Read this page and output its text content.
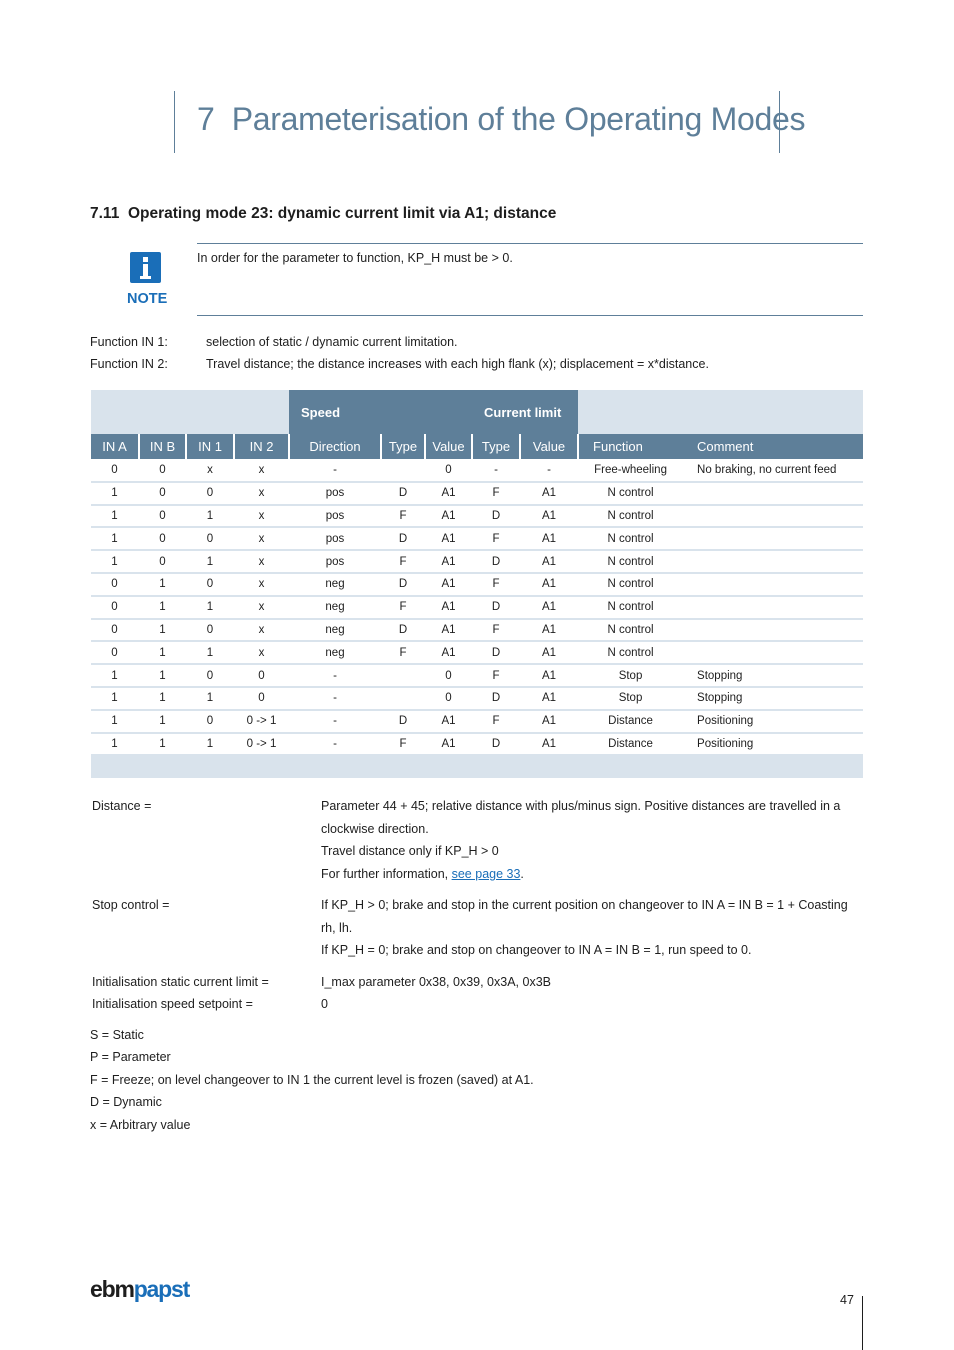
7 Parameterisation of the Operating Modes
7.11 Operating mode 23: dynamic current limit via A1; distance
NOTE
In order for the parameter to function, KP_H must be > 0.
Function IN 1:	selection of static / dynamic current limitation.
Function IN 2:	Travel distance; the distance increases with each high flank (x); displacement = x*distance.
				Speed			Current limit			
IN A	IN B	IN 1	IN 2	Direction	Type	Value	Type	Value	Function	Comment
0	0	x	x	-		0	-	-	Free-wheeling	No braking, no current feed
1	0	0	x	pos	D	A1	F	A1	N control	
1	0	1	x	pos	F	A1	D	A1	N control	
1	0	0	x	pos	D	A1	F	A1	N control	
1	0	1	x	pos	F	A1	D	A1	N control	
0	1	0	x	neg	D	A1	F	A1	N control	
0	1	1	x	neg	F	A1	D	A1	N control	
0	1	0	x	neg	D	A1	F	A1	N control	
0	1	1	x	neg	F	A1	D	A1	N control	
1	1	0	0	-		0	F	A1	Stop	Stopping
1	1	1	0	-		0	D	A1	Stop	Stopping
1	1	0	0 -> 1	-	D	A1	F	A1	Distance	Positioning
1	1	1	0 -> 1	-	F	A1	D	A1	Distance	Positioning

Distance =	Parameter 44 + 45; relative distance with plus/minus sign. Positive distances are travelled in a clockwise direction.

Travel distance only if KP_H > 0

For further information, see page 33.

Stop control =	If KP_H > 0; brake and stop in the current position on changeover to IN A = IN B = 1 + Coasting rh, lh.

If KP_H = 0; brake and stop on changeover to IN A = IN B = 1, run speed to 0.

Initialisation static current limit =	I_max parameter 0x38, 0x39, 0x3A, 0x3B
Initialisation speed setpoint =	0
S = Static
P = Parameter
F = Freeze; on level changeover to IN 1 the current level is frozen (saved) at A1.
D = Dynamic
x = Arbitrary value
ebmpapst	47
